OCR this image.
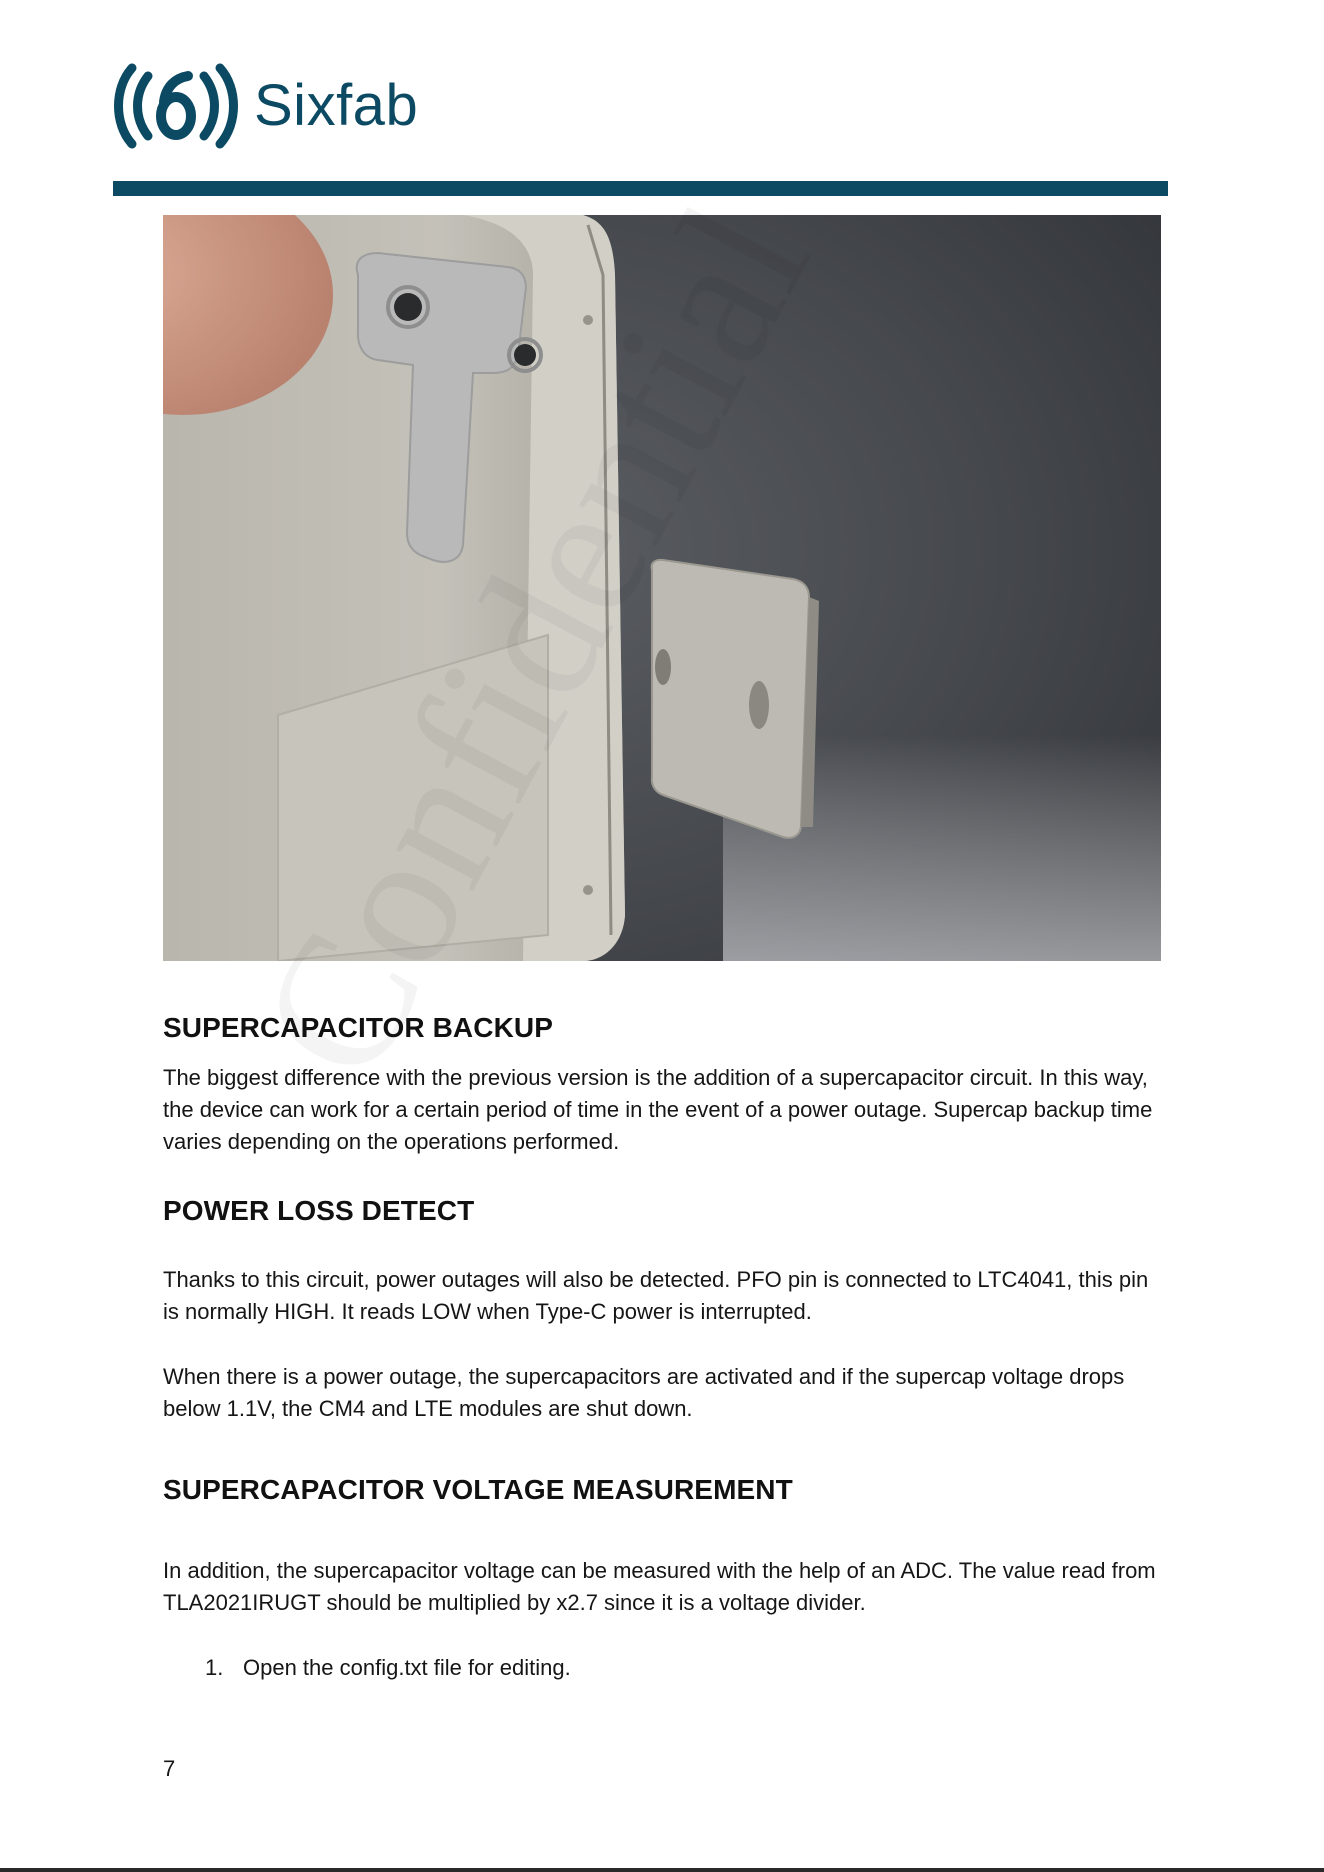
Sixfab
SUPERCAPACITOR BACKUP

The biggest difference with the previous version is the addition of a supercapacitor circuit. In this way, the device can work for a certain period of time in the event of a power outage. Supercap backup time varies depending on the operations performed.

POWER LOSS DETECT

Thanks to this circuit, power outages will also be detected. PFO pin is connected to LTC4041, this pin is normally HIGH. It reads LOW when Type-C power is interrupted.

When there is a power outage, the supercapacitors are activated and if the supercap voltage drops below 1.1V, the CM4 and LTE modules are shut down.

SUPERCAPACITOR VOLTAGE MEASUREMENT

In addition, the supercapacitor voltage can be measured with the help of an ADC. The value read from TLA2021IRUGT should be multiplied by x2.7 since it is a voltage divider.

1. Open the config.txt file for editing.
7
